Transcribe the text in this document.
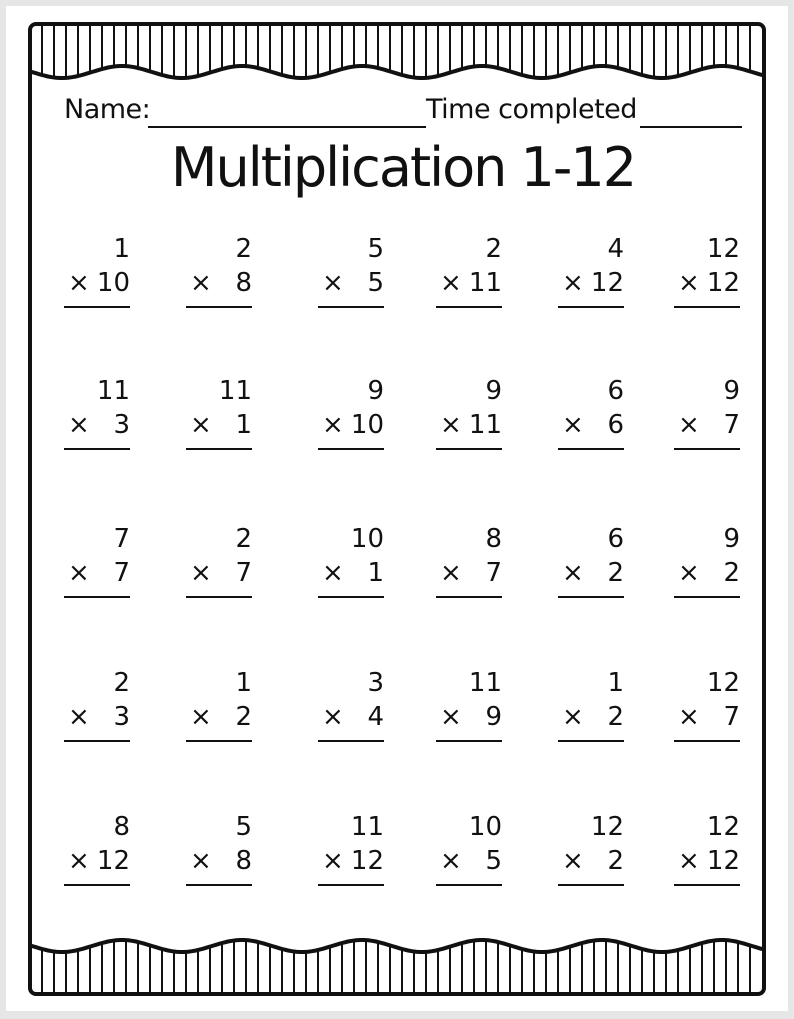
Name:	Time completed
Multiplication 1-12
1
× 10
2
× 8
5
× 5
2
× 11
4
× 12
12
× 12
11
× 3
11
× 1
9
× 10
9
× 11
6
× 6
9
× 7
7
× 7
2
× 7
10
× 1
8
× 7
6
× 2
9
× 2
2
× 3
1
× 2
3
× 4
11
× 9
1
× 2
12
× 7
8
× 12
5
× 8
11
× 12
10
× 5
12
× 2
12
× 12
